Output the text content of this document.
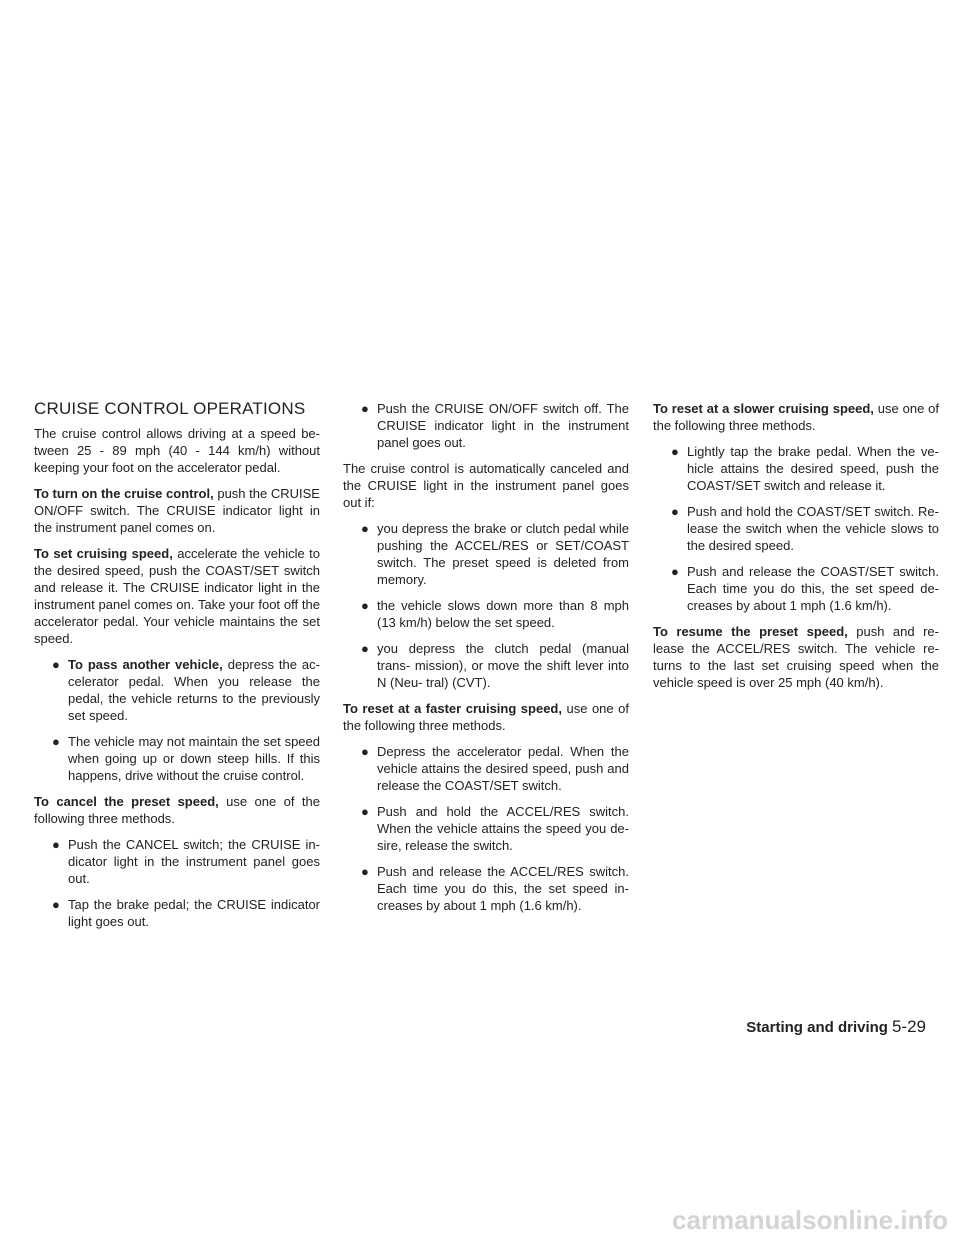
CRUISE CONTROL OPERATIONS

The cruise control allows driving at a speed be- tween 25 - 89 mph (40 - 144 km/h) without keeping your foot on the accelerator pedal.

To turn on the cruise control, push the CRUISE ON/OFF switch. The CRUISE indicator light in the instrument panel comes on.

To set cruising speed, accelerate the vehicle to the desired speed, push the COAST/SET switch and release it. The CRUISE indicator light in the instrument panel comes on. Take your foot off the accelerator pedal. Your vehicle maintains the set speed.

● To pass another vehicle, depress the ac- celerator pedal. When you release the pedal, the vehicle returns to the previously set speed.
● The vehicle may not maintain the set speed when going up or down steep hills. If this happens, drive without the cruise control.

To cancel the preset speed, use one of the following three methods.

● Push the CANCEL switch; the CRUISE in- dicator light in the instrument panel goes out.
● Tap the brake pedal; the CRUISE indicator light goes out.
● Push the CRUISE ON/OFF switch off. The CRUISE indicator light in the instrument panel goes out.

The cruise control is automatically canceled and the CRUISE light in the instrument panel goes out if:

● you depress the brake or clutch pedal while pushing the ACCEL/RES or SET/COAST switch. The preset speed is deleted from memory.
● the vehicle slows down more than 8 mph (13 km/h) below the set speed.
● you depress the clutch pedal (manual trans- mission), or move the shift lever into N (Neu- tral) (CVT).

To reset at a faster cruising speed, use one of the following three methods.

● Depress the accelerator pedal. When the vehicle attains the desired speed, push and release the COAST/SET switch.
● Push and hold the ACCEL/RES switch. When the vehicle attains the speed you de- sire, release the switch.
● Push and release the ACCEL/RES switch. Each time you do this, the set speed in- creases by about 1 mph (1.6 km/h).

To reset at a slower cruising speed, use one of the following three methods.

● Lightly tap the brake pedal. When the ve- hicle attains the desired speed, push the COAST/SET switch and release it.
● Push and hold the COAST/SET switch. Re- lease the switch when the vehicle slows to the desired speed.
● Push and release the COAST/SET switch. Each time you do this, the set speed de- creases by about 1 mph (1.6 km/h).

To resume the preset speed, push and re- lease the ACCEL/RES switch. The vehicle re- turns to the last set cruising speed when the vehicle speed is over 25 mph (40 km/h).

Starting and driving 5-29
carmanualsonline.info
